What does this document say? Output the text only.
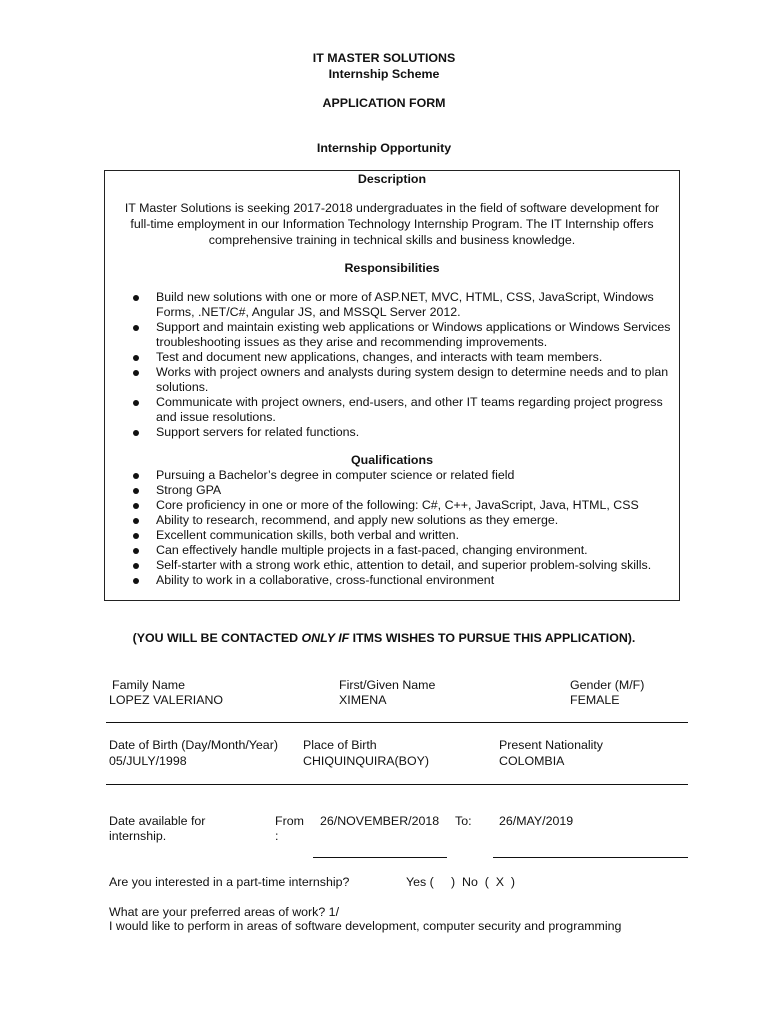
IT MASTER SOLUTIONS
Internship Scheme
APPLICATION FORM
Internship Opportunity
Description
IT Master Solutions is seeking 2017-2018 undergraduates in the field of software development for full-time employment in our Information Technology Internship Program. The IT Internship offers comprehensive training in technical skills and business knowledge.
Responsibilities
Build new solutions with one or more of ASP.NET, MVC, HTML, CSS, JavaScript, Windows Forms, .NET/C#, Angular JS, and MSSQL Server 2012.
Support and maintain existing web applications or Windows applications or Windows Services troubleshooting issues as they arise and recommending improvements.
Test and document new applications, changes, and interacts with team members.
Works with project owners and analysts during system design to determine needs and to plan solutions.
Communicate with project owners, end-users, and other IT teams regarding project progress and issue resolutions.
Support servers for related functions.
Qualifications
Pursuing a Bachelor’s degree in computer science or related field
Strong GPA
Core proficiency in one or more of the following: C#, C++, JavaScript, Java, HTML, CSS
Ability to research, recommend, and apply new solutions as they emerge.
Excellent communication skills, both verbal and written.
Can effectively handle multiple projects in a fast-paced, changing environment.
Self-starter with a strong work ethic, attention to detail, and superior problem-solving skills.
Ability to work in a collaborative, cross-functional environment
(YOU WILL BE CONTACTED ONLY IF ITMS WISHES TO PURSUE THIS APPLICATION).
Family Name
LOPEZ VALERIANO
First/Given Name
XIMENA
Gender (M/F)
FEMALE
Date of Birth (Day/Month/Year)
05/JULY/1998
Place of Birth
CHIQUINQUIRA(BOY)
Present Nationality
COLOMBIA
Date available for
internship.
From
:
26/NOVEMBER/2018 To: 26/MAY/2019
Are you interested in a part-time internship?	Yes (     )  No  (  X  )
What are your preferred areas of work? 1/
I would like to perform in areas of software development, computer security and programming
